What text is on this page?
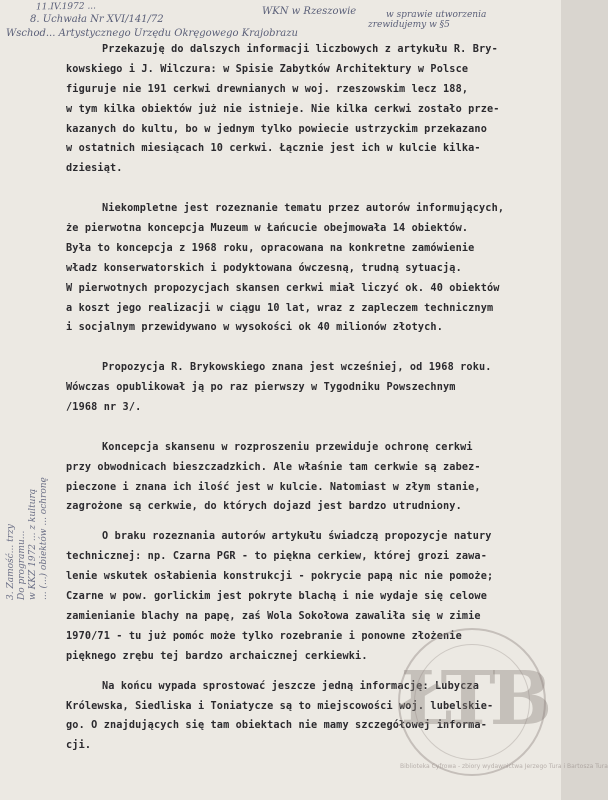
11.IV.1972 ...
8. Uchwała Nr XVI/141/72
Wschod... Artystycznego Urzędu Okręgowego Krajobrazu
WKN w Rzeszowie	w sprawie utworzenia
zrewidujemy w §5
3. Zamość... trzy Do programu... w KKZ 1972 ... z kulturą ... (...) obiektów ... ochronę
Przekazuję do dalszych informacji liczbowych z artykułu R. Bry-
kowskiego i J. Wilczura: w Spisie Zabytków Architektury w Polsce
figuruje nie 191 cerkwi drewnianych w woj. rzeszowskim lecz 188,
w tym kilka obiektów już nie istnieje. Nie kilka cerkwi zostało prze-
kazanych do kultu, bo w jednym tylko powiecie ustrzyckim przekazano
w ostatnich miesiącach 10 cerkwi. Łącznie jest ich w kulcie kilka-
dziesiąt.
Niekompletne jest rozeznanie tematu przez autorów informujących,
że pierwotna koncepcja Muzeum w Łańcucie obejmowała 14 obiektów.
Była to koncepcja z 1968 roku, opracowana na konkretne zamówienie
władz konserwatorskich i podyktowana ówczesną, trudną sytuacją.
W pierwotnych propozycjach skansen cerkwi miał liczyć ok. 40 obiektów
a koszt jego realizacji w ciągu 10 lat, wraz z zapleczem technicznym
i socjalnym przewidywano w wysokości ok 40 milionów złotych.
Propozycja R. Brykowskiego znana jest wcześniej, od 1968 roku.
Wówczas opublikował ją po raz pierwszy w Tygodniku Powszechnym
/1968 nr 3/.
Koncepcja skansenu w rozproszeniu przewiduje ochronę cerkwi
przy obwodnicach bieszczadzkich. Ale właśnie tam cerkwie są zabez-
pieczone i znana ich ilość jest w kulcie. Natomiast w złym stanie,
zagrożone są cerkwie, do których dojazd jest bardzo utrudniony.
O braku rozeznania autorów artykułu świadczą propozycje natury
technicznej: np. Czarna PGR - to piękna cerkiew, której grozi zawa-
lenie wskutek osłabienia konstrukcji - pokrycie papą nic nie pomoże;
Czarne w pow. gorlickim jest pokryte blachą i nie wydaje się celowe
zamienianie blachy na papę, zaś Wola Sokołowa zawaliła się w zimie
1970/71 - tu już pomóc może tylko rozebranie i ponowne złożenie
pięknego zrębu tej bardzo archaicznej cerkiewki.
Na końcu wypada sprostować jeszcze jedną informację: Lubycza
Królewska, Siedliska i Toniatycze są to miejscowości woj. lubelskie-
go. O znajdujących się tam obiektach nie mamy szczegółowej informa-
cji.
ŁTB
Biblioteka Cyfrowa - zbiory wydawnictwa Jerzego Tura i Bartosza Tura
